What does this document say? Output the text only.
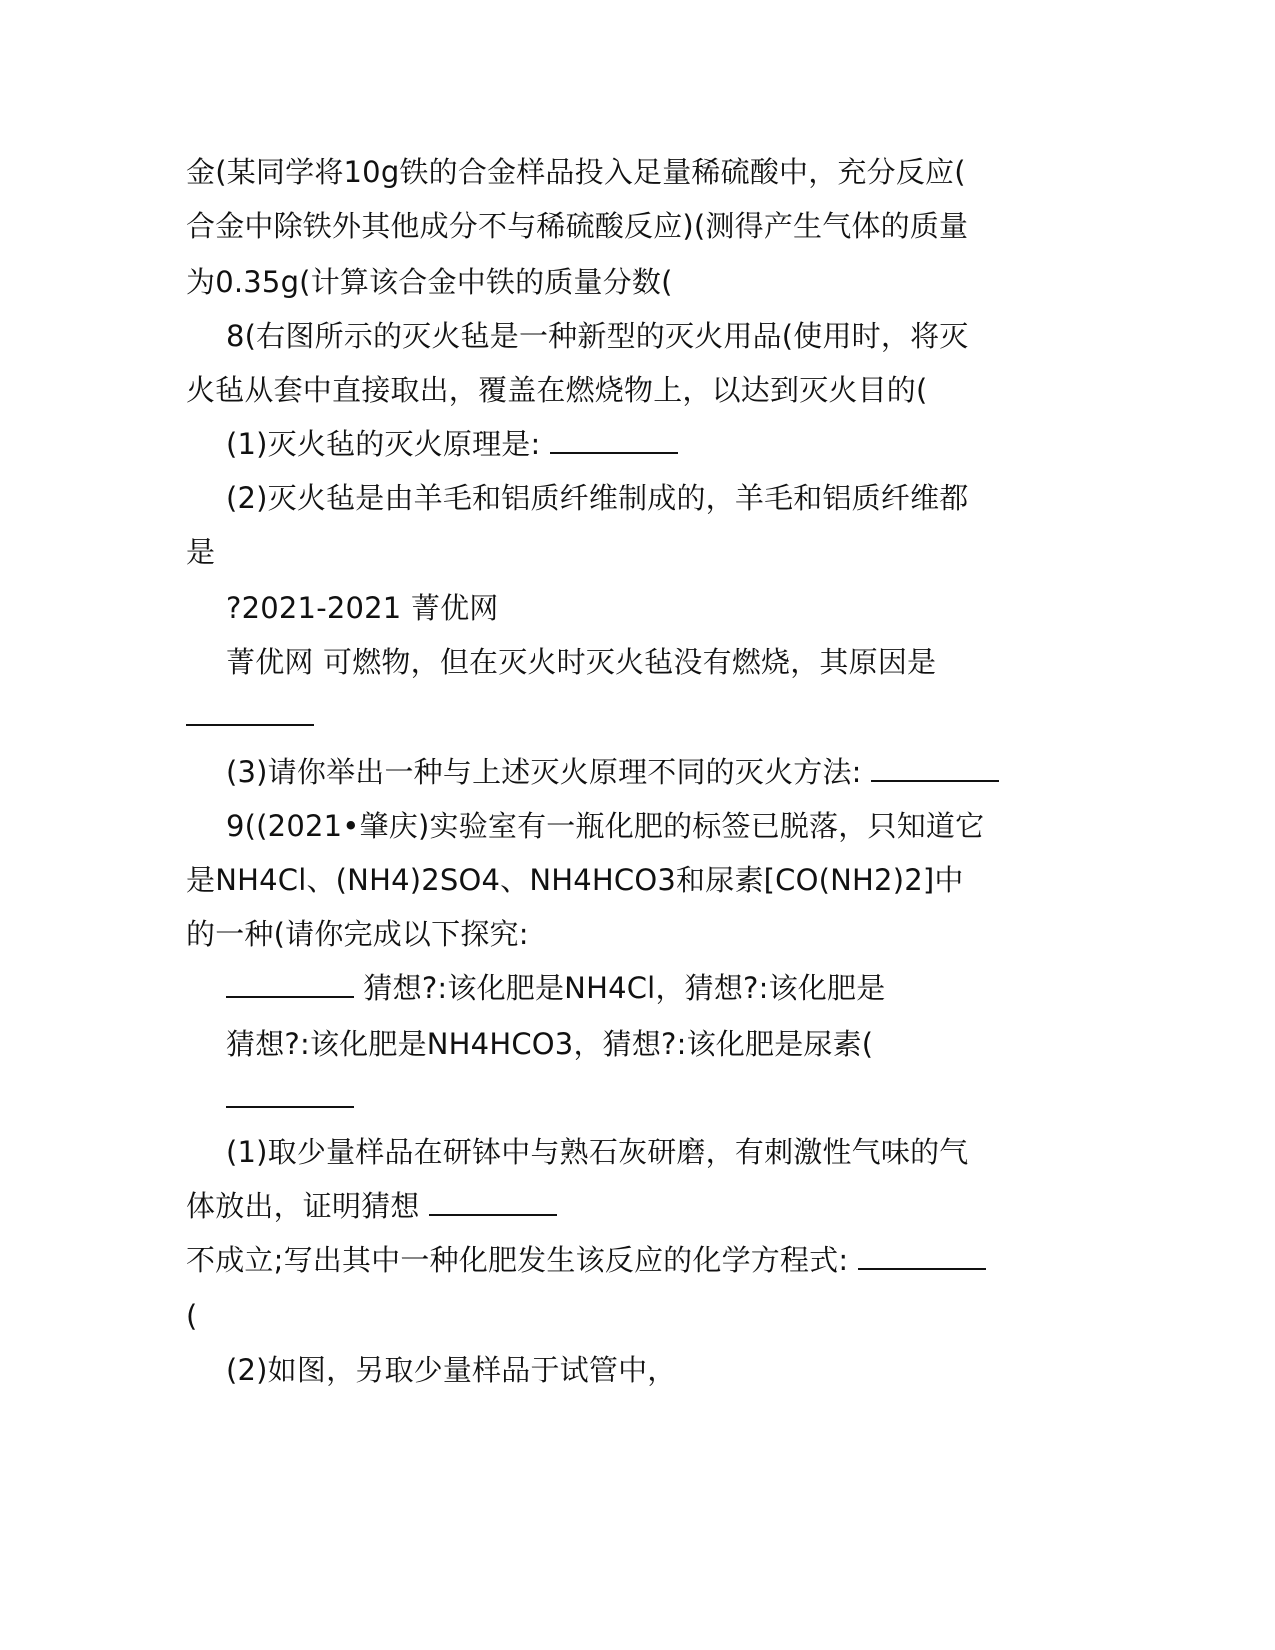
金(某同学将10g铁的合金样品投入足量稀硫酸中，充分反应(
合金中除铁外其他成分不与稀硫酸反应)(测得产生气体的质量
为0.35g(计算该合金中铁的质量分数(
8(右图所示的灭火毡是一种新型的灭火用品(使用时，将灭
火毡从套中直接取出，覆盖在燃烧物上，以达到灭火目的(
(1)灭火毡的灭火原理是:
(2)灭火毡是由羊毛和铝质纤维制成的，羊毛和铝质纤维都
是
?2021-2021 菁优网
菁优网 可燃物，但在灭火时灭火毡没有燃烧，其原因是
(3)请你举出一种与上述灭火原理不同的灭火方法:
9((2021•肇庆)实验室有一瓶化肥的标签已脱落，只知道它
是NH4Cl、(NH4)2SO4、NH4HCO3和尿素[CO(NH2)2]中
的一种(请你完成以下探究:
猜想?:该化肥是NH4Cl，猜想?:该化肥是
猜想?:该化肥是NH4HCO3，猜想?:该化肥是尿素(
(1)取少量样品在研钵中与熟石灰研磨，有刺激性气味的气
体放出，证明猜想
不成立;写出其中一种化肥发生该反应的化学方程式:
(
(2)如图，另取少量样品于试管中，
